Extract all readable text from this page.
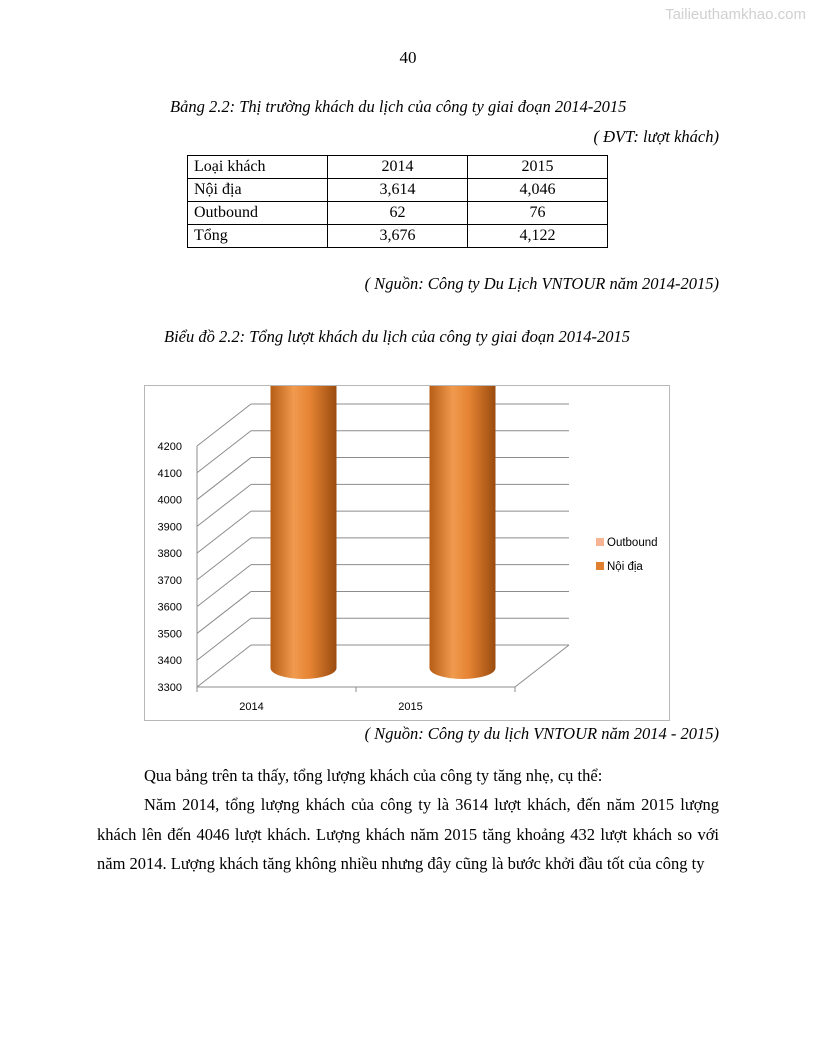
Tailieuthamkhao.com
40
Bảng 2.2: Thị trường khách du lịch của công ty giai đoạn 2014-2015
( ĐVT: lượt khách)
Loại khách	2014	2015
Nội địa	3,614	4,046
Outbound	62	76
Tổng	3,676	4,122
( Nguồn: Công ty Du Lịch VNTOUR năm 2014-2015)
Biểu đồ 2.2: Tổng lượt khách du lịch của công ty giai đoạn 2014-2015
3300
3400
3500
3600
3700
3800
3900
4000
4100
4200
2014	2015
Outbound
Nội địa
( Nguồn: Công ty du lịch VNTOUR năm 2014 - 2015)
Qua bảng trên ta thấy, tổng lượng khách của công ty tăng nhẹ, cụ thể:
Năm 2014, tổng lượng khách của công ty là 3614 lượt khách, đến năm 2015 lượng khách lên đến 4046 lượt khách. Lượng khách năm 2015 tăng khoảng 432 lượt khách so với năm 2014. Lượng khách tăng không nhiều nhưng đây cũng là bước khởi đầu tốt của công ty
